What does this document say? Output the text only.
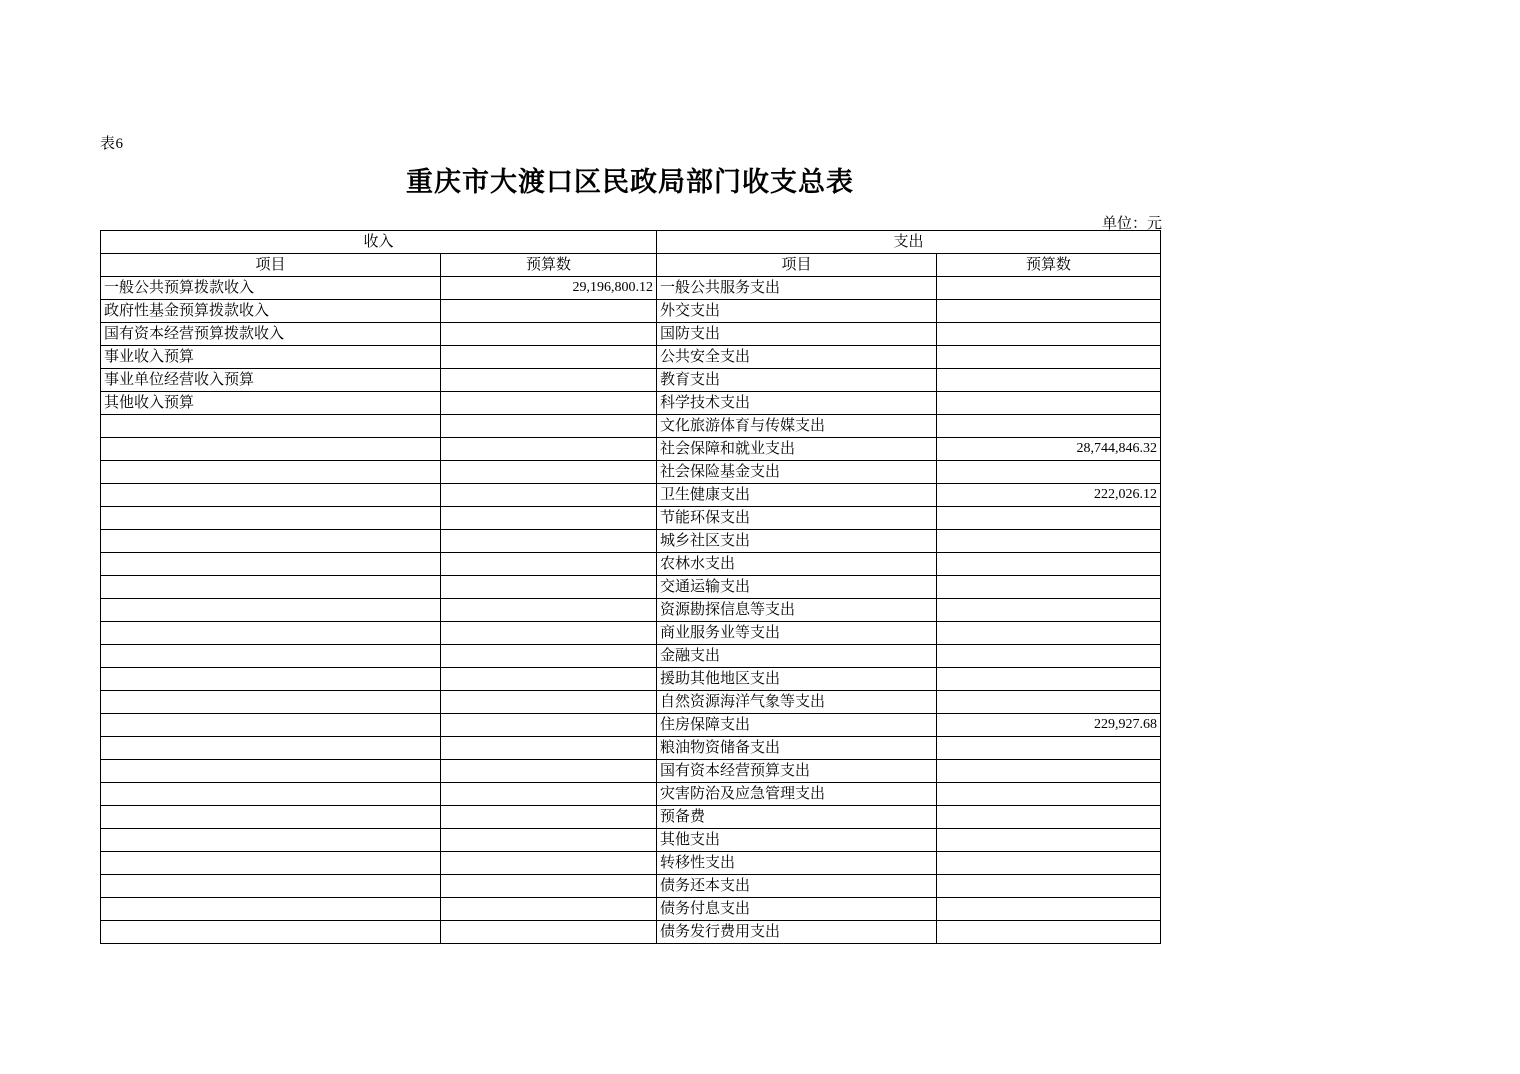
表6
重庆市大渡口区民政局部门收支总表
单位：元
收入		支出	
项目	预算数	项目	预算数
一般公共预算拨款收入	29,196,800.12	一般公共服务支出	
政府性基金预算拨款收入		外交支出	
国有资本经营预算拨款收入		国防支出	
事业收入预算		公共安全支出	
事业单位经营收入预算		教育支出	
其他收入预算		科学技术支出	
		文化旅游体育与传媒支出	
		社会保障和就业支出	28,744,846.32
		社会保险基金支出	
		卫生健康支出	222,026.12
		节能环保支出	
		城乡社区支出	
		农林水支出	
		交通运输支出	
		资源勘探信息等支出	
		商业服务业等支出	
		金融支出	
		援助其他地区支出	
		自然资源海洋气象等支出	
		住房保障支出	229,927.68
		粮油物资储备支出	
		国有资本经营预算支出	
		灾害防治及应急管理支出	
		预备费	
		其他支出	
		转移性支出	
		债务还本支出	
		债务付息支出	
		债务发行费用支出	
